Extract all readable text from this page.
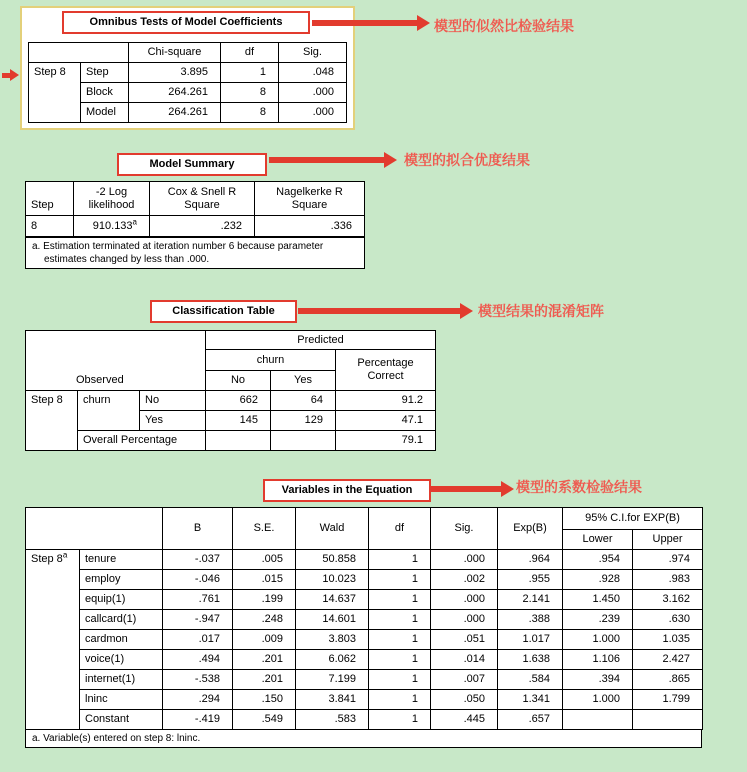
Omnibus Tests of Model Coefficients
		Chi-square	df	Sig.
Step 8	Step	3.895	1	.048
	Block	264.261	8	.000
	Model	264.261	8	.000
模型的似然比检验结果
Model Summary	模型的拟合优度结果
Step	-2 Log likelihood	Cox & Snell R Square	Nagelkerke R Square
8	910.133$^a$	.232	.336
a. Estimation terminated at iteration number 6 because parameter estimates changed by less than .000.
Classification Table	模型结果的混淆矩阵
Observed			Predicted		
			churn		Percentage Correct
			No	Yes	
Step 8	churn	No	662	64	91.2
		Yes	145	129	47.1
	Overall Percentage				79.1
Variables in the Equation	模型的系数检验结果
		B	S.E.	Wald	df	Sig.	Exp(B)	95% C.I.for EXP(B)	
								Lower	Upper
Step 8$^a$	tenure	-.037	.005	50.858	1	.000	.964	.954	.974
	employ	-.046	.015	10.023	1	.002	.955	.928	.983
	equip(1)	.761	.199	14.637	1	.000	2.141	1.450	3.162
	callcard(1)	-.947	.248	14.601	1	.000	.388	.239	.630
	cardmon	.017	.009	3.803	1	.051	1.017	1.000	1.035
	voice(1)	.494	.201	6.062	1	.014	1.638	1.106	2.427
	internet(1)	-.538	.201	7.199	1	.007	.584	.394	.865
	lninc	.294	.150	3.841	1	.050	1.341	1.000	1.799
	Constant	-.419	.549	.583	1	.445	.657		
a. Variable(s) entered on step 8: lninc.
